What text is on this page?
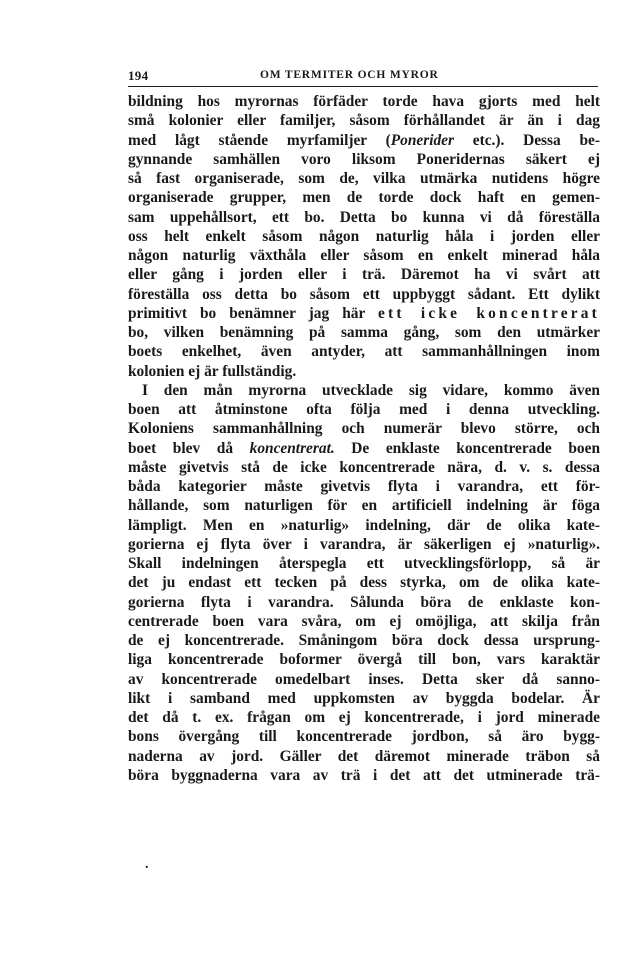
194	OM TERMITER OCH MYROR
bildning hos myrornas förfäder torde hava gjorts med helt
små kolonier eller familjer, såsom förhållandet är än i dag
med lågt stående myrfamiljer (Ponerider etc.). Dessa be-
gynnande samhällen voro liksom Poneridernas säkert ej
så fast organiserade, som de, vilka utmärka nutidens högre
organiserade grupper, men de torde dock haft en gemen-
sam uppehållsort, ett bo. Detta bo kunna vi då föreställa
oss helt enkelt såsom någon naturlig håla i jorden eller
någon naturlig växthåla eller såsom en enkelt minerad håla
eller gång i jorden eller i trä. Däremot ha vi svårt att
föreställa oss detta bo såsom ett uppbyggt sådant. Ett dylikt
primitivt bo benämner jag här ett icke koncentrerat
bo, vilken benämning på samma gång, som den utmärker
boets enkelhet, även antyder, att sammanhållningen inom
kolonien ej är fullständig.
I den mån myrorna utvecklade sig vidare, kommo även
boen att åtminstone ofta följa med i denna utveckling.
Koloniens sammanhållning och numerär blevo större, och
boet blev då koncentrerat. De enklaste koncentrerade boen
måste givetvis stå de icke koncentrerade nära, d. v. s. dessa
båda kategorier måste givetvis flyta i varandra, ett för-
hållande, som naturligen för en artificiell indelning är föga
lämpligt. Men en »naturlig» indelning, där de olika kate-
gorierna ej flyta över i varandra, är säkerligen ej »naturlig».
Skall indelningen återspegla ett utvecklingsförlopp, så är
det ju endast ett tecken på dess styrka, om de olika kate-
gorierna flyta i varandra. Sålunda böra de enklaste kon-
centrerade boen vara svåra, om ej omöjliga, att skilja från
de ej koncentrerade. Småningom böra dock dessa ursprung-
liga koncentrerade boformer övergå till bon, vars karaktär
av koncentrerade omedelbart inses. Detta sker då sanno-
likt i samband med uppkomsten av byggda bodelar. Är
det då t. ex. frågan om ej koncentrerade, i jord minerade
bons övergång till koncentrerade jordbon, så äro bygg-
naderna av jord. Gäller det däremot minerade träbon så
böra byggnaderna vara av trä i det att det utminerade trä-
.
